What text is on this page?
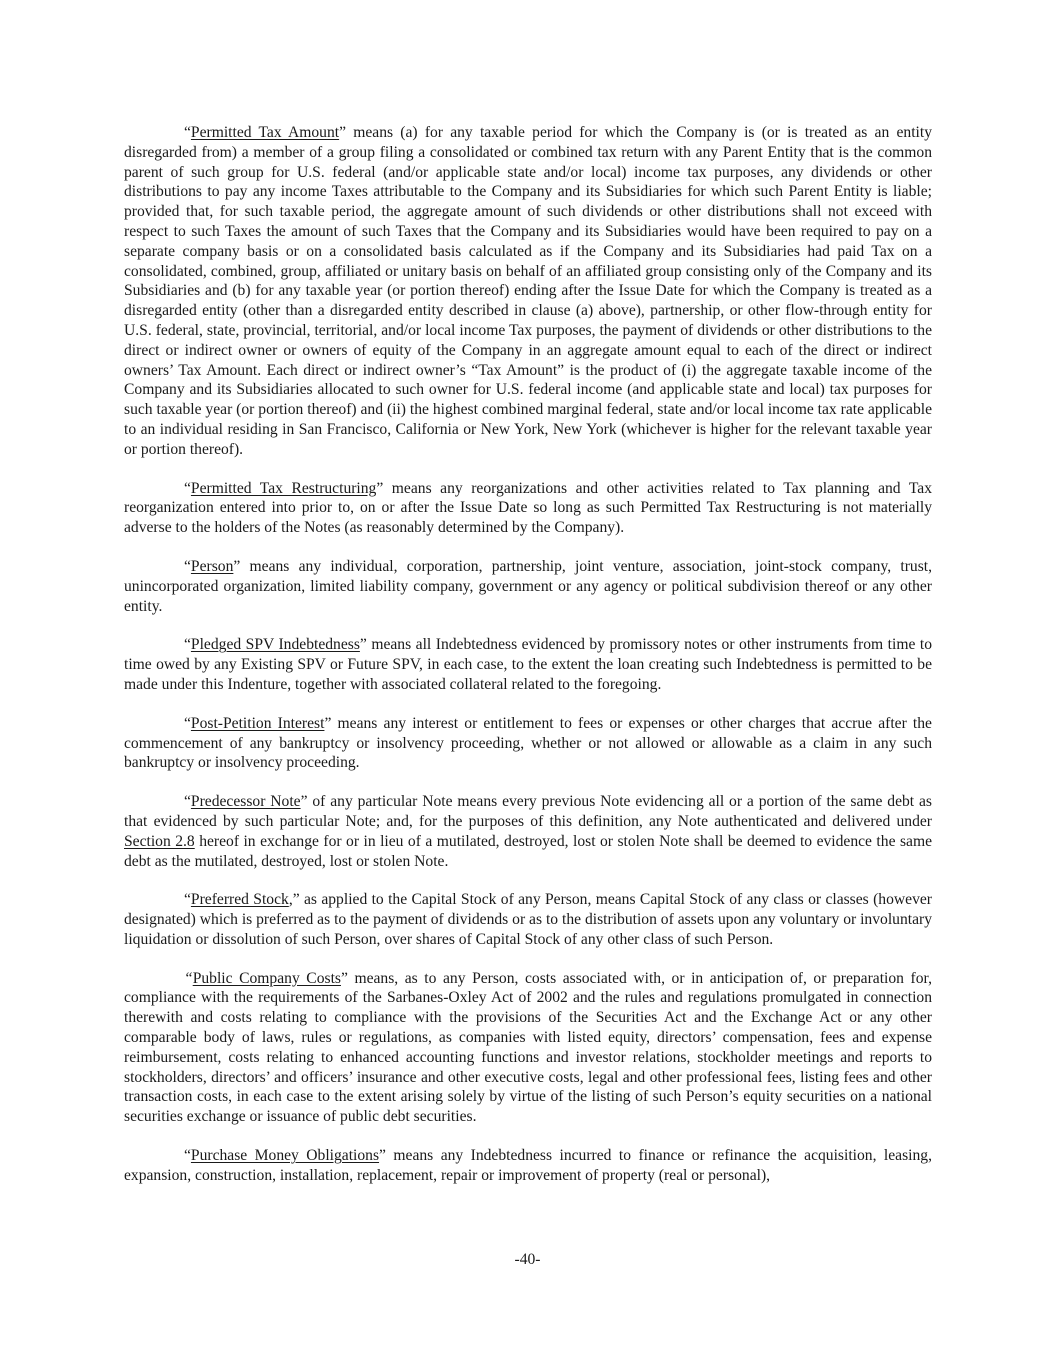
“Permitted Tax Amount” means (a) for any taxable period for which the Company is (or is treated as an entity disregarded from) a member of a group filing a consolidated or combined tax return with any Parent Entity that is the common parent of such group for U.S. federal (and/or applicable state and/or local) income tax purposes, any dividends or other distributions to pay any income Taxes attributable to the Company and its Subsidiaries for which such Parent Entity is liable; provided that, for such taxable period, the aggregate amount of such dividends or other distributions shall not exceed with respect to such Taxes the amount of such Taxes that the Company and its Subsidiaries would have been required to pay on a separate company basis or on a consolidated basis calculated as if the Company and its Subsidiaries had paid Tax on a consolidated, combined, group, affiliated or unitary basis on behalf of an affiliated group consisting only of the Company and its Subsidiaries and (b) for any taxable year (or portion thereof) ending after the Issue Date for which the Company is treated as a disregarded entity (other than a disregarded entity described in clause (a) above), partnership, or other flow-through entity for U.S. federal, state, provincial, territorial, and/or local income Tax purposes, the payment of dividends or other distributions to the direct or indirect owner or owners of equity of the Company in an aggregate amount equal to each of the direct or indirect owners’ Tax Amount. Each direct or indirect owner’s “Tax Amount” is the product of (i) the aggregate taxable income of the Company and its Subsidiaries allocated to such owner for U.S. federal income (and applicable state and local) tax purposes for such taxable year (or portion thereof) and (ii) the highest combined marginal federal, state and/or local income tax rate applicable to an individual residing in San Francisco, California or New York, New York (whichever is higher for the relevant taxable year or portion thereof).

“Permitted Tax Restructuring” means any reorganizations and other activities related to Tax planning and Tax reorganization entered into prior to, on or after the Issue Date so long as such Permitted Tax Restructuring is not materially adverse to the holders of the Notes (as reasonably determined by the Company).

“Person” means any individual, corporation, partnership, joint venture, association, joint-stock company, trust, unincorporated organization, limited liability company, government or any agency or political subdivision thereof or any other entity.

“Pledged SPV Indebtedness” means all Indebtedness evidenced by promissory notes or other instruments from time to time owed by any Existing SPV or Future SPV, in each case, to the extent the loan creating such Indebtedness is permitted to be made under this Indenture, together with associated collateral related to the foregoing.

“Post-Petition Interest” means any interest or entitlement to fees or expenses or other charges that accrue after the commencement of any bankruptcy or insolvency proceeding, whether or not allowed or allowable as a claim in any such bankruptcy or insolvency proceeding.

“Predecessor Note” of any particular Note means every previous Note evidencing all or a portion of the same debt as that evidenced by such particular Note; and, for the purposes of this definition, any Note authenticated and delivered under Section 2.8 hereof in exchange for or in lieu of a mutilated, destroyed, lost or stolen Note shall be deemed to evidence the same debt as the mutilated, destroyed, lost or stolen Note.

“Preferred Stock,” as applied to the Capital Stock of any Person, means Capital Stock of any class or classes (however designated) which is preferred as to the payment of dividends or as to the distribution of assets upon any voluntary or involuntary liquidation or dissolution of such Person, over shares of Capital Stock of any other class of such Person.

“Public Company Costs” means, as to any Person, costs associated with, or in anticipation of, or preparation for, compliance with the requirements of the Sarbanes-Oxley Act of 2002 and the rules and regulations promulgated in connection therewith and costs relating to compliance with the provisions of the Securities Act and the Exchange Act or any other comparable body of laws, rules or regulations, as companies with listed equity, directors’ compensation, fees and expense reimbursement, costs relating to enhanced accounting functions and investor relations, stockholder meetings and reports to stockholders, directors’ and officers’ insurance and other executive costs, legal and other professional fees, listing fees and other transaction costs, in each case to the extent arising solely by virtue of the listing of such Person’s equity securities on a national securities exchange or issuance of public debt securities.

“Purchase Money Obligations” means any Indebtedness incurred to finance or refinance the acquisition, leasing, expansion, construction, installation, replacement, repair or improvement of property (real or personal),

-40-
